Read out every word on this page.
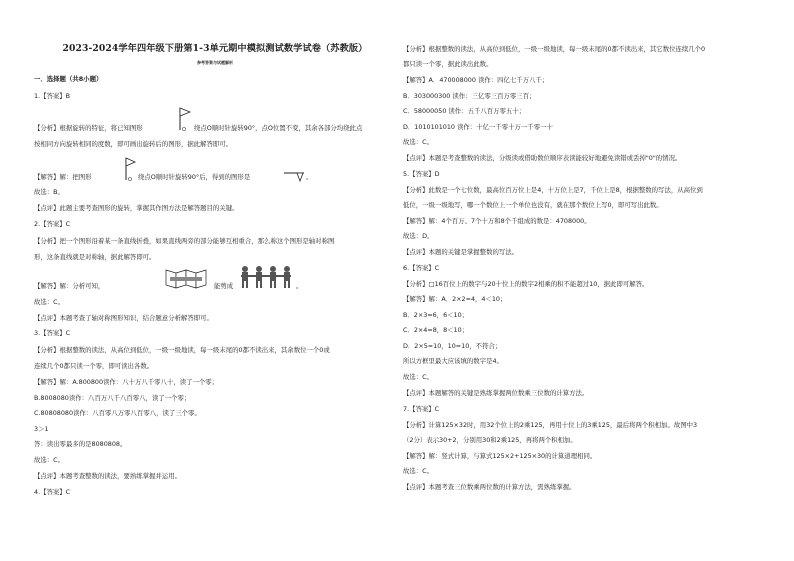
2023-2024学年四年级下册第1-3单元期中模拟测试数学试卷（苏教版）
参考答案与试题解析
一．选择题（共8小题）
1.【答案】B
【分析】根据旋转的特征，将已知图形	O 绕点O顺时针旋转90°，点O位置不变，其余各部分均绕此点
按相同方向旋转相同的度数，即可画出旋转后的图形，据此解答即可。
【解答】解：把图形	O 绕点O顺时针旋转90°后，得到的图形是	。
故选：B。
【点评】此题主要考查图形的旋转，掌握其作图方法是解答题目的关键。
2.【答案】C
【分析】把一个图形沿着某一条直线折叠，如果直线两旁的部分能够互相重合，那么称这个图形是轴对称图
形，这条直线就是对称轴，据此解答即可。
【解答】解：分析可知，	能剪成	。
故选：C。
【点评】本题考查了轴对称图形知识，结合题意分析解答即可。
3.【答案】C
【分析】根据整数的读法，从高位到低位，一级一级地读，每一级末尾的0都不读出来，其余数位一个0或
连续几个0都只读一个零，即可读出各数。
【解答】解：A.800800读作：八十万八千零八十，读了一个零；
B.8008080读作：八百万八千八百零八，读了一个零；
C.80808080读作：八百零八万零八百零八，读了三个零。
3＞1
答：读出零最多的是8080808。
故选：C。
【点评】本题考查整数的读法，要熟练掌握并运用。
4.【答案】C
【分析】根据整数的读法，从高位到低位，一级一级地读，每一级末尾的0都不读出来，其它数位连续几个0
都只读一个零，据此读出此数。
【解答】A．470008000 读作：四亿七千万八千；
B．303000300 读作：三亿零三百万零三百；
C．58000050 读作：五千八百万零五十；
D．1010101010 读作：十亿一千零十万一千零一十
故选：C。
【点评】本题是考查整数的读法，分级读或借助数位顺序表读能较好地避免读错或丢掉"0"的情况。
5.【答案】D
【分析】此数是一个七位数，最高位百万位上是4，十万位上是7，千位上是8，根据整数的写法，从高位到
低位，一级一级地写，哪一个数位上一个单位也没有，就在那个数位上写0，即可写出此数。
【解答】解：4个百万、7个十万和8个千组成的数是：4708000。
故选：D。
【点评】本题的关键是掌握整数的写法。
6.【答案】C
【分析】□16百位上的数字与20十位上的数字2相乘的积不能超过10，据此即可解答。
【解答】解：A．2×2=4，4＜10；
B．2×3=6，6＜10；
C．2×4=8，8＜10；
D．2×5=10，10=10，不符合；
所以方框里最大应该填的数字是4。
故选：C。
【点评】本题解答的关键是熟练掌握两位数乘三位数的计算方法。
7.【答案】C
【分析】计算125×32时，用32个位上的2乘125，再用十位上的3乘125，最后将两个积相加。故图中3
（2分）表示30+2，分别用30和2乘125，再将两个积相加。
【解答】解：竖式计算，与算式125×2+125×30的计算道理相同。
故选：C。
【点评】本题考查三位数乘两位数的计算方法，需熟练掌握。
